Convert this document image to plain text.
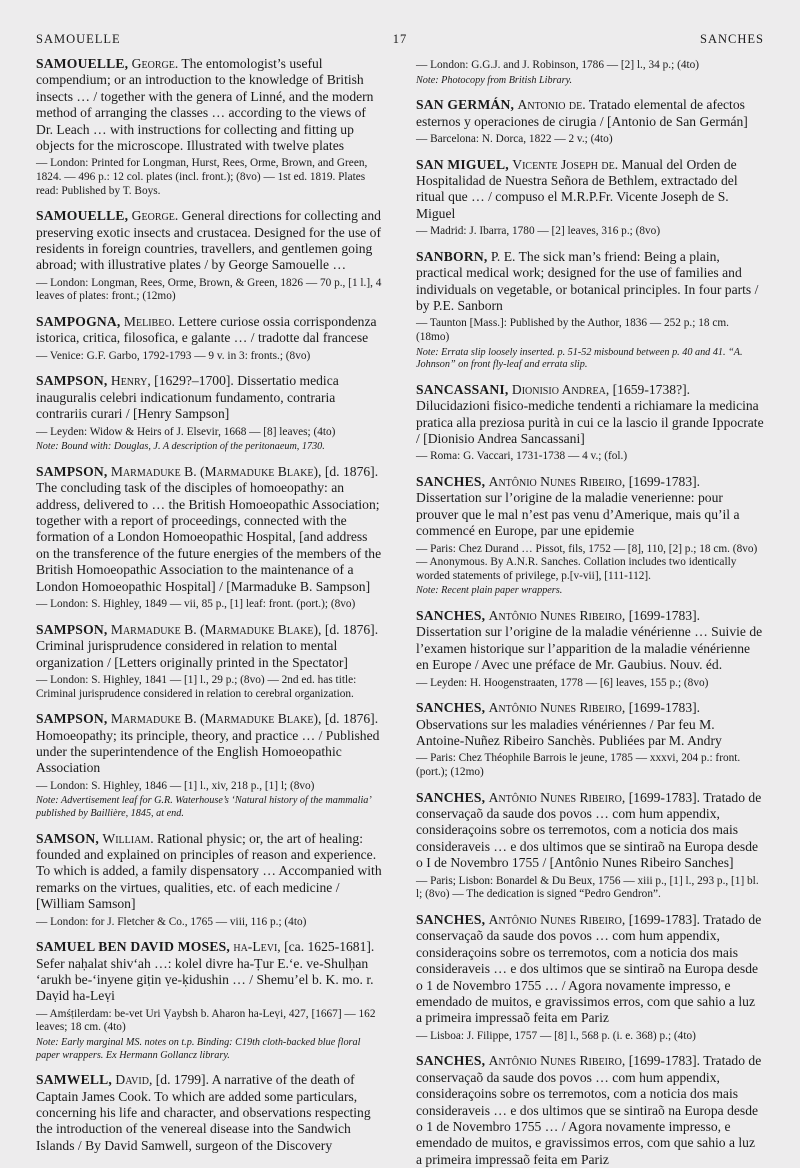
SAMOUELLE	17	SANCHES

SAMOUELLE, George. The entomologist’s useful compendium; or an introduction to the knowledge of British insects … / together with the genera of Linné, and the modern method of arranging the classes … according to the views of Dr. Leach … with instructions for collecting and fitting up objects for the microscope. Illustrated with twelve plates

— London: Printed for Longman, Hurst, Rees, Orme, Brown, and Green, 1824. — 496 p.: 12 col. plates (incl. front.); (8vo) — 1st ed. 1819. Plates read: Published by T. Boys.

SAMOUELLE, George. General directions for collecting and preserving exotic insects and crustacea. Designed for the use of residents in foreign countries, travellers, and gentlemen going abroad; with illustrative plates / by George Samouelle …

— London: Longman, Rees, Orme, Brown, & Green, 1826 — 70 p., [1 l.], 4 leaves of plates: front.; (12mo)

SAMPOGNA, Melibeo. Lettere curiose ossia corrispondenza istorica, critica, filosofica, e galante … / tradotte dal francese

— Venice: G.F. Garbo, 1792-1793 — 9 v. in 3: fronts.; (8vo)

SAMPSON, Henry, [1629?–1700]. Dissertatio medica inauguralis celebri indicationum fundamento, contraria contrariis curari / [Henry Sampson]

— Leyden: Widow & Heirs of J. Elsevir, 1668 — [8] leaves; (4to)

Note: Bound with: Douglas, J. A description of the peritonaeum, 1730.

SAMPSON, Marmaduke B. (Marmaduke Blake), [d. 1876]. The concluding task of the disciples of homoeopathy: an address, delivered to … the British Homoeopathic Association; together with a report of proceedings, connected with the formation of a London Homoeopathic Hospital, [and address on the transference of the future energies of the members of the British Homoeopathic Association to the maintenance of a London Homoeopathic Hospital] / [Marmaduke B. Sampson]

— London: S. Highley, 1849 — vii, 85 p., [1] leaf: front. (port.); (8vo)

SAMPSON, Marmaduke B. (Marmaduke Blake), [d. 1876]. Criminal jurisprudence considered in relation to mental organization / [Letters originally printed in the Spectator]

— London: S. Highley, 1841 — [1] l., 29 p.; (8vo) — 2nd ed. has title: Criminal jurisprudence considered in relation to cerebral organization.

SAMPSON, Marmaduke B. (Marmaduke Blake), [d. 1876]. Homoeopathy; its principle, theory, and practice … / Published under the superintendence of the English Homoeopathic Association

— London: S. Highley, 1846 — [1] l., xiv, 218 p., [1] l; (8vo)

Note: Advertisement leaf for G.R. Waterhouse’s ‘Natural history of the mammalia’ published by Baillière, 1845, at end.

SAMSON, William. Rational physic; or, the art of healing: founded and explained on principles of reason and experience. To which is added, a family dispensatory … Accompanied with remarks on the virtues, qualities, etc. of each medicine / [William Samson]

— London: for J. Fletcher & Co., 1765 — viii, 116 p.; (4to)

SAMUEL BEN DAVID MOSES, ha-Levi, [ca. 1625-1681]. Sefer naḥalat shivʻah …: kolel divre ha-Ṭur E.ʻe. ve-Shulḥan ʻarukh be-ʻinyene giṭin ṿe-ḳidushin … / Shemu’el b. K. mo. r. Daṿid ha-Leṿi

— Amśṭilerdam: be-vet Uri Ṿaybsh b. Aharon ha-Leṿi, 427, [1667] — 162 leaves; 18 cm. (4to)

Note: Early marginal MS. notes on t.p. Binding: C19th cloth-backed blue floral paper wrappers. Ex Hermann Gollancz library.

SAMWELL, David, [d. 1799]. A narrative of the death of Captain James Cook. To which are added some particulars, concerning his life and character, and observations respecting the introduction of the venereal disease into the Sandwich Islands / By David Samwell, surgeon of the Discovery

— London: G.G.J. and J. Robinson, 1786 — [2] l., 34 p.; (4to)

Note: Photocopy from British Library.

SAN GERMÁN, Antonio de. Tratado elemental de afectos esternos y operaciones de cirugia / [Antonio de San Germán]

— Barcelona: N. Dorca, 1822 — 2 v.; (4to)

SAN MIGUEL, Vicente Joseph de. Manual del Orden de Hospitalidad de Nuestra Señora de Bethlem, extractado del ritual que … / compuso el M.R.P.Fr. Vicente Joseph de S. Miguel

— Madrid: J. Ibarra, 1780 — [2] leaves, 316 p.; (8vo)

SANBORN, P. E. The sick man’s friend: Being a plain, practical medical work; designed for the use of families and individuals on vegetable, or botanical principles. In four parts / by P.E. Sanborn

— Taunton [Mass.]: Published by the Author, 1836 — 252 p.; 18 cm. (18mo)

Note: Errata slip loosely inserted. p. 51-52 misbound between p. 40 and 41. “A. Johnson” on front fly-leaf and errata slip.

SANCASSANI, Dionisio Andrea, [1659-1738?]. Dilucidazioni fisico-mediche tendenti a richiamare la medicina pratica alla preziosa purità in cui ce la lascio il grande Ippocrate / [Dionisio Andrea Sancassani]

— Roma: G. Vaccari, 1731-1738 — 4 v.; (fol.)

SANCHES, Antônio Nunes Ribeiro, [1699-1783]. Dissertation sur l’origine de la maladie venerienne: pour prouver que le mal n’est pas venu d’Amerique, mais qu’il a commencé en Europe, par une epidemie

— Paris: Chez Durand … Pissot, fils, 1752 — [8], 110, [2] p.; 18 cm. (8vo) — Anonymous. By A.N.R. Sanches. Collation includes two identically worded statements of privilege, p.[v-vii], [111-112].

Note: Recent plain paper wrappers.

SANCHES, Antônio Nunes Ribeiro, [1699-1783]. Dissertation sur l’origine de la maladie vénérienne … Suivie de l’examen historique sur l’apparition de la maladie vénérienne en Europe / Avec une préface de Mr. Gaubius. Nouv. éd.

— Leyden: H. Hoogenstraaten, 1778 — [6] leaves, 155 p.; (8vo)

SANCHES, Antônio Nunes Ribeiro, [1699-1783]. Observations sur les maladies vénériennes / Par feu M. Antoine-Nuñez Ribeiro Sanchès. Publiées par M. Andry

— Paris: Chez Théophile Barrois le jeune, 1785 — xxxvi, 204 p.: front. (port.); (12mo)

SANCHES, Antônio Nunes Ribeiro, [1699-1783]. Tratado de conservaçaõ da saude dos povos … com hum appendix, consideraçoins sobre os terremotos, com a noticia dos mais consideraveis … e dos ultimos que se sintiraõ na Europa desde o I de Novembro 1755 / [Antônio Nunes Ribeiro Sanches]

— Paris; Lisbon: Bonardel & Du Beux, 1756 — xiii p., [1] l., 293 p., [1] bl. l; (8vo) — The dedication is signed “Pedro Gendron”.

SANCHES, Antônio Nunes Ribeiro, [1699-1783]. Tratado de conservaçaõ da saude dos povos … com hum appendix, consideraçoins sobre os terremotos, com a noticia dos mais consideraveis … e dos ultimos que se sintiraõ na Europa desde o 1 de Novembro 1755 … / Agora novamente impresso, e emendado de muitos, e gravissimos erros, com que sahio a luz a primeira impressaõ feita em Pariz

— Lisboa: J. Filippe, 1757 — [8] l., 568 p. (i. e. 368) p.; (4to)

SANCHES, Antônio Nunes Ribeiro, [1699-1783]. Tratado de conservaçaõ da saude dos povos … com hum appendix, consideraçoins sobre os terremotos, com a noticia dos mais consideraveis … e dos ultimos que se sintiraõ na Europa desde o 1 de Novembro 1755 … / Agora novamente impresso, e emendado de muitos, e gravissimos erros, com que sahio a luz a primeira impressaõ feita em Pariz
